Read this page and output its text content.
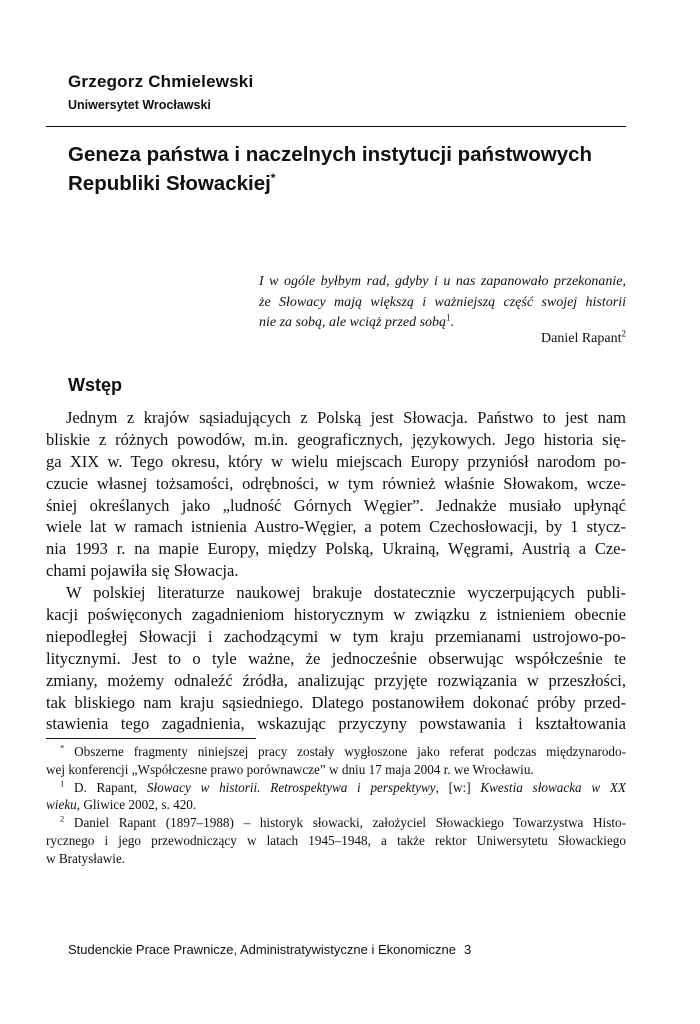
Grzegorz Chmielewski
Uniwersytet Wrocławski
Geneza państwa i naczelnych instytucji państwowych
Republiki Słowackiej*
I w ogóle byłbym rad, gdyby i u nas zapanowało przekonanie,
że Słowacy mają większą i ważniejszą część swojej historii
nie za sobą, ale wciąż przed sobą$^1$.
Daniel Rapant$^2$
Wstęp
Jednym z krajów sąsiadujących z Polską jest Słowacja. Państwo to jest nam
bliskie z różnych powodów, m.in. geograficznych, językowych. Jego historia się-
ga XIX w. Tego okresu, który w wielu miejscach Europy przyniósł narodom po-
czucie własnej tożsamości, odrębności, w tym również właśnie Słowakom, wcze-
śniej określanych jako „ludność Górnych Węgier”. Jednakże musiało upłynąć
wiele lat w ramach istnienia Austro-Węgier, a potem Czechosłowacji, by 1 stycz-
nia 1993 r. na mapie Europy, między Polską, Ukrainą, Węgrami, Austrią a Cze-
chami pojawiła się Słowacja.
W polskiej literaturze naukowej brakuje dostatecznie wyczerpujących publi-
kacji poświęconych zagadnieniom historycznym w związku z istnieniem obecnie
niepodległej Słowacji i zachodzącymi w tym kraju przemianami ustrojowo-po-
litycznymi. Jest to o tyle ważne, że jednocześnie obserwując współcześnie te
zmiany, możemy odnaleźć źródła, analizując przyjęte rozwiązania w przeszłości,
tak bliskiego nam kraju sąsiedniego. Dlatego postanowiłem dokonać próby przed-
stawienia tego zagadnienia, wskazując przyczyny powstawania i kształtowania
* Obszerne fragmenty niniejszej pracy zostały wygłoszone jako referat podczas międzynarodo-
wej konferencji „Współczesne prawo porównawcze” w dniu 17 maja 2004 r. we Wrocławiu.
$^1$ D. Rapant, Słowacy w historii. Retrospektywa i perspektywy, [w:] Kwestia słowacka w XX
wieku, Gliwice 2002, s. 420.
$^2$ Daniel Rapant (1897–1988) – historyk słowacki, założyciel Słowackiego Towarzystwa Histo-
rycznego i jego przewodniczący w latach 1945–1948, a także rektor Uniwersytetu Słowackiego
w Bratysławie.
Studenckie Prace Prawnicze, Administratywistyczne i Ekonomiczne 3
